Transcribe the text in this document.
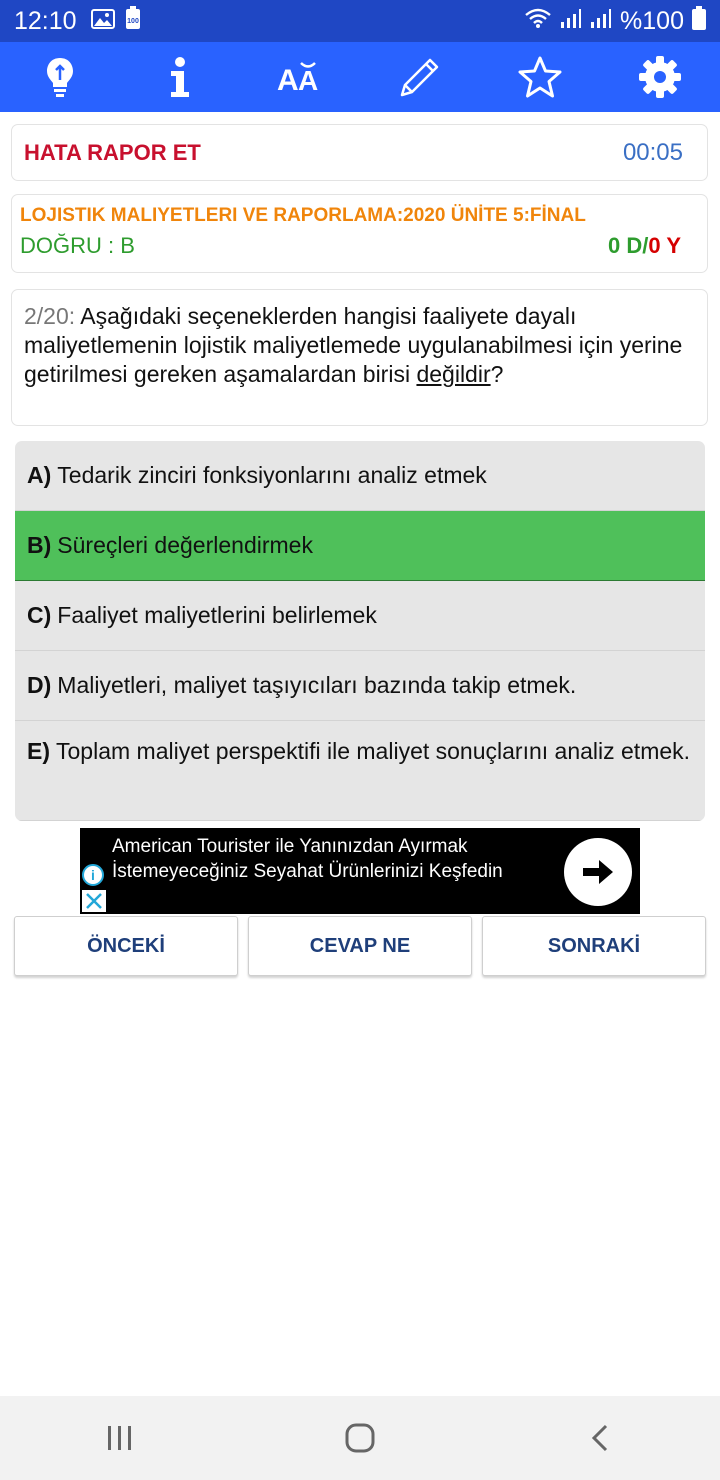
12:10	100	%100
A A
HATA RAPOR ET	00:05
LOJISTIK MALIYETLERI VE RAPORLAMA:2020 ÜNİTE 5:FİNAL
DOĞRU : B	0 D/0 Y
2/20: Aşağıdaki seçeneklerden hangisi faaliyete dayalı maliyetlemenin lojistik maliyetlemede uygulanabilmesi için yerine getirilmesi gereken aşamalardan birisi değildir?
A) Tedarik zinciri fonksiyonlarını analiz etmek
B) Süreçleri değerlendirmek
C) Faaliyet maliyetlerini belirlemek
D) Maliyetleri, maliyet taşıyıcıları bazında takip etmek.
E) Toplam maliyet perspektifi ile maliyet sonuçlarını analiz etmek.
American Tourister ile Yanınızdan Ayırmak İstemeyeceğiniz Seyahat Ürünlerinizi Keşfedin
i
ÖNCEKİ	CEVAP NE	SONRAKİ
